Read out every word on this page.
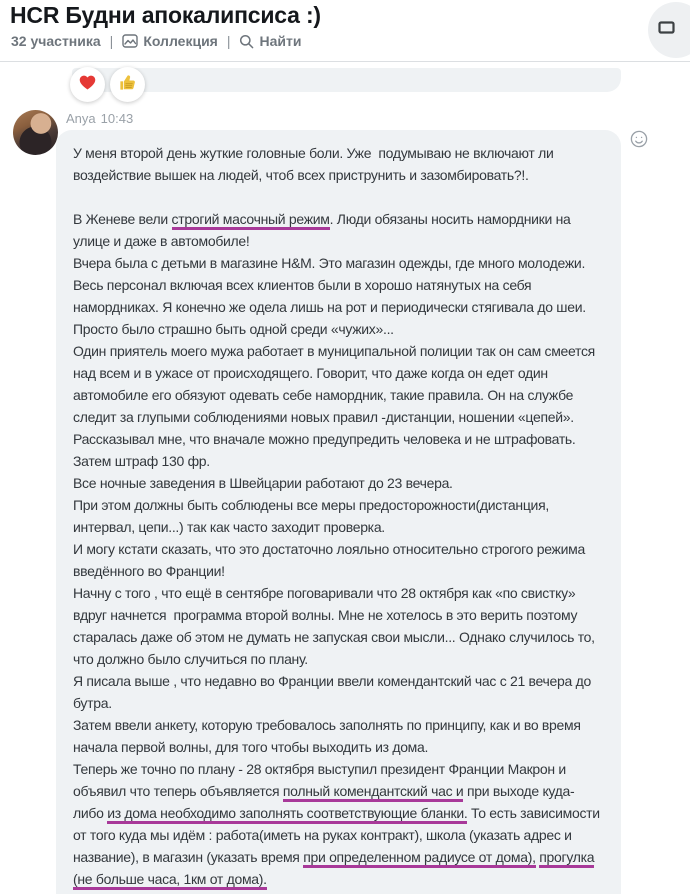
HCR Будни апокалипсиса :)
32 участника | Коллекция | Найти
Anya 10:43
У меня второй день жуткие головные боли. Уже  подумываю не включают ли
воздействие вышек на людей, чтоб всех приструнить и зазомбировать?!.

В Женеве вели строгий масочный режим. Люди обязаны носить намордники на
улице и даже в автомобиле!
Вчера была с детьми в магазине H&M. Это магазин одежды, где много молодежи.
Весь персонал включая всех клиентов были в хорошо натянутых на себя
намордниках. Я конечно же одела лишь на рот и периодически стягивала до шеи.
Просто было страшно быть одной среди «чужих»...
Один приятель моего мужа работает в муниципальной полиции так он сам смеется
над всем и в ужасе от происходящего. Говорит, что даже когда он едет один
автомобиле его обязуют одевать себе намордник, такие правила. Он на службе
следит за глупыми соблюдениями новых правил -дистанции, ношении «цепей».
Рассказывал мне, что вначале можно предупредить человека и не штрафовать.
Затем штраф 130 фр.
Все ночные заведения в Швейцарии работают до 23 вечера.
При этом должны быть соблюдены все меры предосторожности(дистанция,
интервал, цепи...) так как часто заходит проверка.
И могу кстати сказать, что это достаточно лояльно относительно строгого режима
введённого во Франции!
Начну с того , что ещё в сентябре поговаривали что 28 октября как «по свистку»
вдруг начнется  программа второй волны. Мне не хотелось в это верить поэтому
старалась даже об этом не думать не запуская свои мысли... Однако случилось то,
что должно было случиться по плану.
Я писала выше , что недавно во Франции ввели комендантский час с 21 вечера до
бутра.
Затем ввели анкету, которую требовалось заполнять по принципу, как и во время
начала первой волны, для того чтобы выходить из дома.
Теперь же точно по плану - 28 октября выступил президент Франции Макрон и
объявил что теперь объявляется полный комендантский час и при выходе куда-
либо из дома необходимо заполнять соответствующие бланки. То есть зависимости
от того куда мы идём : работа(иметь на руках контракт), школа (указать адрес и
название), в магазин (указать время при определенном радиусе от дома), прогулка
(не больше часа, 1км от дома).
